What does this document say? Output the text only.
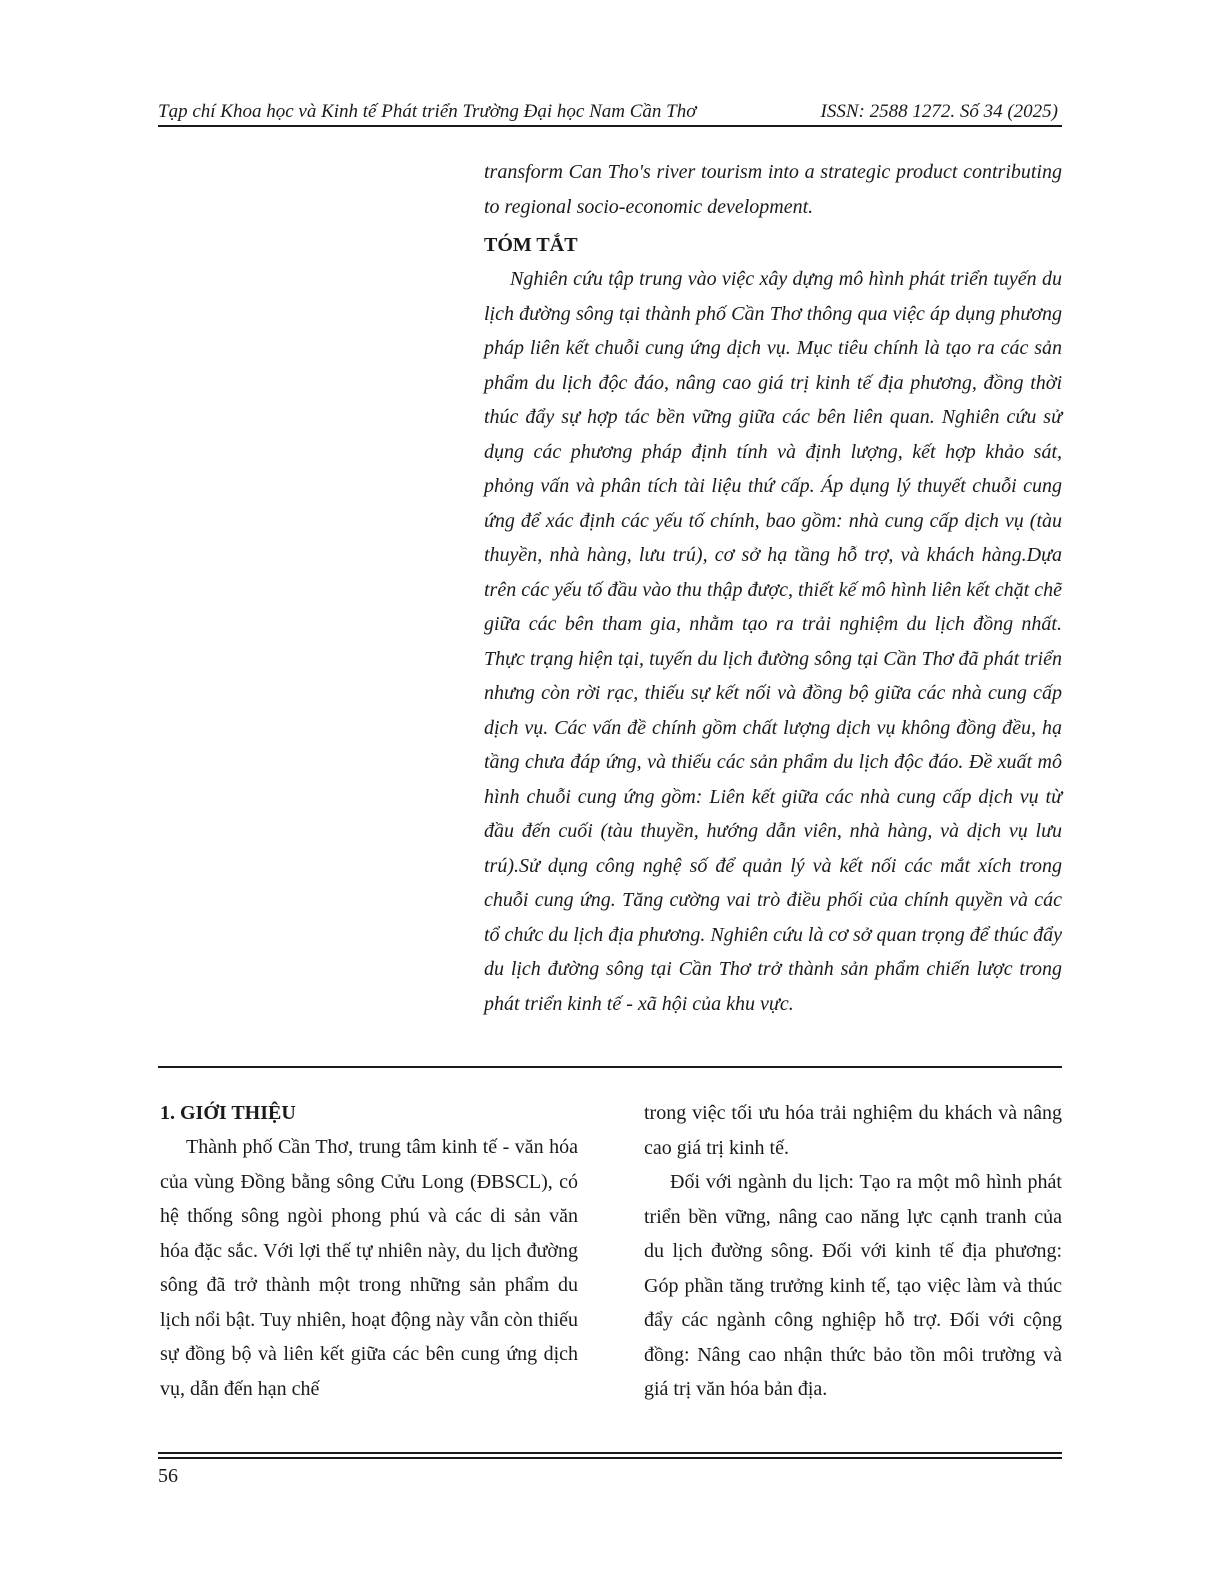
Tạp chí Khoa học và Kinh tế Phát triển Trường Đại học Nam Cần Thơ	ISSN: 2588 1272. Số 34 (2025)

transform Can Tho's river tourism into a strategic product contributing to regional socio-economic development.

TÓM TẮT

Nghiên cứu tập trung vào việc xây dựng mô hình phát triển tuyến du lịch đường sông tại thành phố Cần Thơ thông qua việc áp dụng phương pháp liên kết chuỗi cung ứng dịch vụ. Mục tiêu chính là tạo ra các sản phẩm du lịch độc đáo, nâng cao giá trị kinh tế địa phương, đồng thời thúc đẩy sự hợp tác bền vững giữa các bên liên quan. Nghiên cứu sử dụng các phương pháp định tính và định lượng, kết hợp khảo sát, phỏng vấn và phân tích tài liệu thứ cấp. Áp dụng lý thuyết chuỗi cung ứng để xác định các yếu tố chính, bao gồm: nhà cung cấp dịch vụ (tàu thuyền, nhà hàng, lưu trú), cơ sở hạ tầng hỗ trợ, và khách hàng.Dựa trên các yếu tố đầu vào thu thập được, thiết kế mô hình liên kết chặt chẽ giữa các bên tham gia, nhằm tạo ra trải nghiệm du lịch đồng nhất. Thực trạng hiện tại, tuyến du lịch đường sông tại Cần Thơ đã phát triển nhưng còn rời rạc, thiếu sự kết nối và đồng bộ giữa các nhà cung cấp dịch vụ. Các vấn đề chính gồm chất lượng dịch vụ không đồng đều, hạ tầng chưa đáp ứng, và thiếu các sản phẩm du lịch độc đáo. Đề xuất mô hình chuỗi cung ứng gồm: Liên kết giữa các nhà cung cấp dịch vụ từ đầu đến cuối (tàu thuyền, hướng dẫn viên, nhà hàng, và dịch vụ lưu trú).Sử dụng công nghệ số để quản lý và kết nối các mắt xích trong chuỗi cung ứng. Tăng cường vai trò điều phối của chính quyền và các tổ chức du lịch địa phương. Nghiên cứu là cơ sở quan trọng để thúc đẩy du lịch đường sông tại Cần Thơ trở thành sản phẩm chiến lược trong phát triển kinh tế - xã hội của khu vực.

1. GIỚI THIỆU

Thành phố Cần Thơ, trung tâm kinh tế - văn hóa của vùng Đồng bằng sông Cửu Long (ĐBSCL), có hệ thống sông ngòi phong phú và các di sản văn hóa đặc sắc. Với lợi thế tự nhiên này, du lịch đường sông đã trở thành một trong những sản phẩm du lịch nổi bật. Tuy nhiên, hoạt động này vẫn còn thiếu sự đồng bộ và liên kết giữa các bên cung ứng dịch vụ, dẫn đến hạn chế

trong việc tối ưu hóa trải nghiệm du khách và nâng cao giá trị kinh tế.

Đối với ngành du lịch: Tạo ra một mô hình phát triển bền vững, nâng cao năng lực cạnh tranh của du lịch đường sông. Đối với kinh tế địa phương: Góp phần tăng trưởng kinh tế, tạo việc làm và thúc đẩy các ngành công nghiệp hỗ trợ. Đối với cộng đồng: Nâng cao nhận thức bảo tồn môi trường và giá trị văn hóa bản địa.

56
